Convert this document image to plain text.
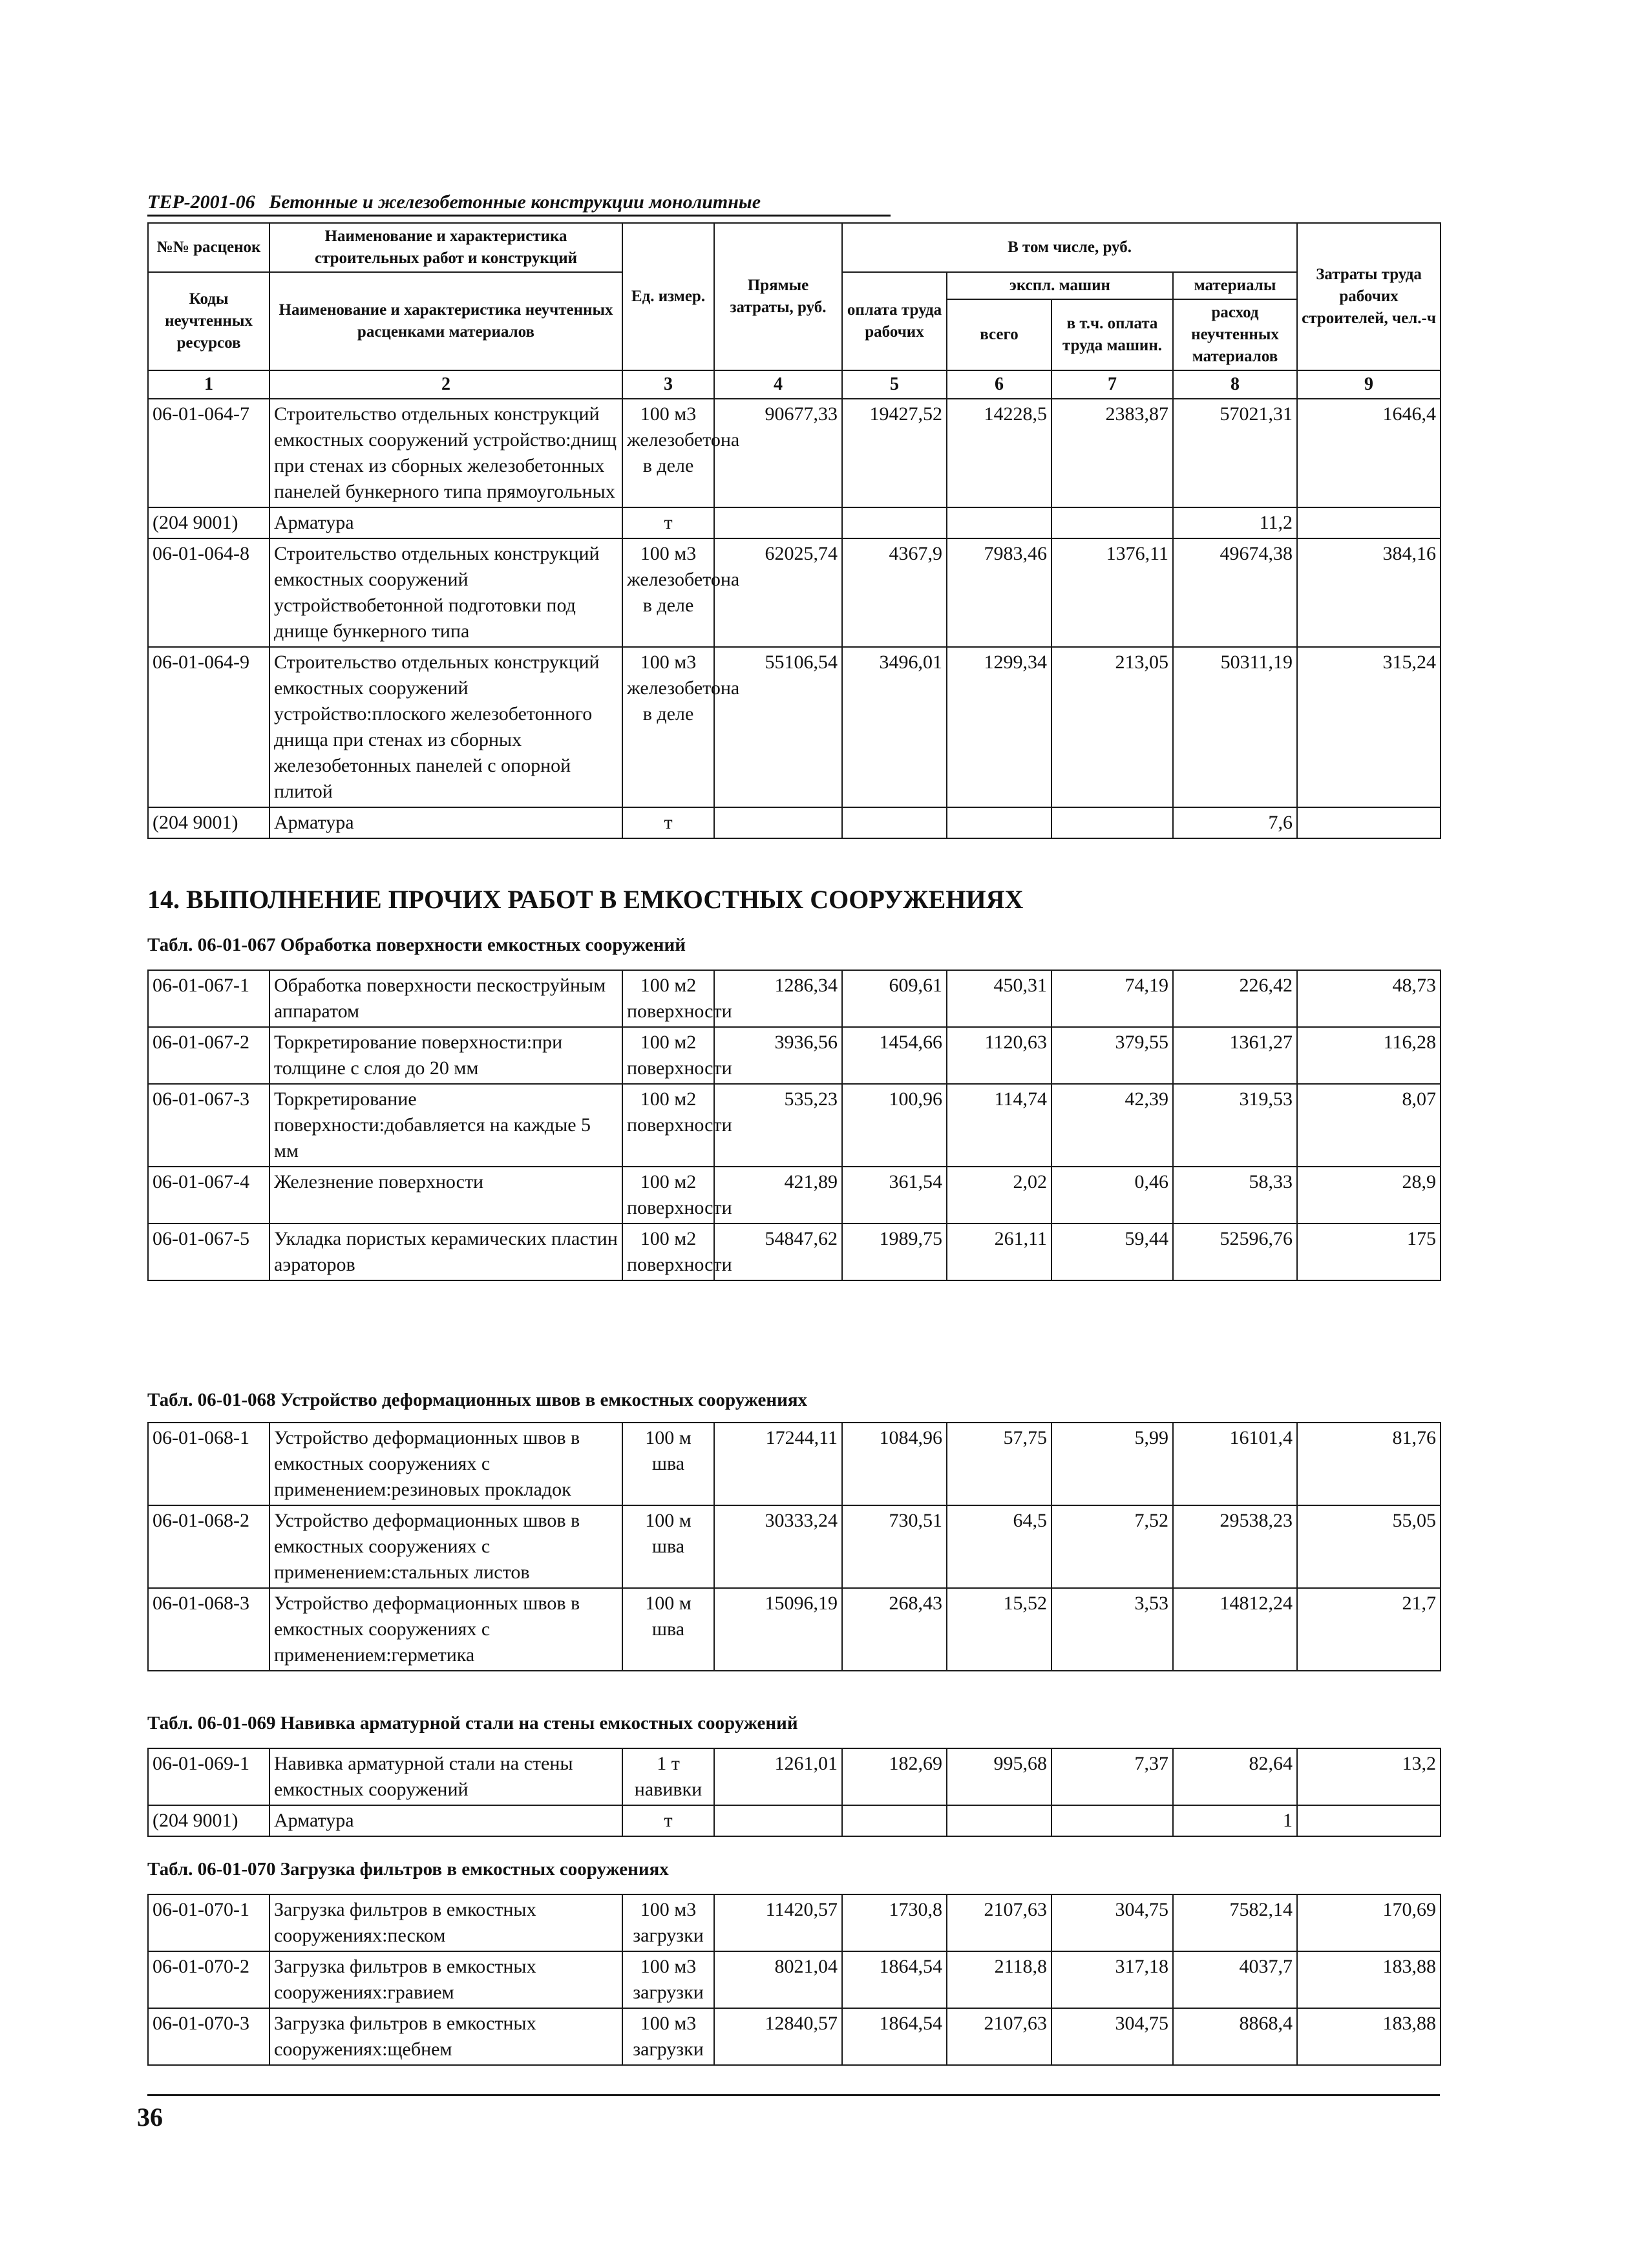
ТЕР-2001-06 Бетонные и железобетонные конструкции монолитные
№№ расценок	Наименование и характеристика строительных работ и конструкций	Ед. измер.	Прямые затраты, руб.	В том числе, руб.				Затраты труда рабочих строителей, чел.-ч
Коды неучтенных ресурсов	Наименование и характеристика неучтенных расценками материалов			оплата труда рабочих	экспл. машин		материалы	
					всего	в т.ч. оплата труда машин.	расход неучтенных материалов	
1	2	3	4	5	6	7	8	9
06-01-064-7	Строительство отдельных конструкций емкостных сооружений устройство:днищ при стенах из сборных железобетонных панелей бункерного типа прямоугольных	100 м3 железобетона в деле	90677,33	19427,52	14228,5	2383,87	57021,31	1646,4
(204 9001)	Арматура	т					11,2	
06-01-064-8	Строительство отдельных конструкций емкостных сооружений устройствобетонной подготовки под днище бункерного типа	100 м3 железобетона в деле	62025,74	4367,9	7983,46	1376,11	49674,38	384,16
06-01-064-9	Строительство отдельных конструкций емкостных сооружений устройство:плоского железобетонного днища при стенах из сборных железобетонных панелей с опорной плитой	100 м3 железобетона в деле	55106,54	3496,01	1299,34	213,05	50311,19	315,24
(204 9001)	Арматура	т					7,6	
14. ВЫПОЛНЕНИЕ ПРОЧИХ РАБОТ В ЕМКОСТНЫХ СООРУЖЕНИЯХ
Табл. 06-01-067 Обработка поверхности емкостных сооружений
06-01-067-1	Обработка поверхности пескоструйным аппаратом	100 м2 поверхности	1286,34	609,61	450,31	74,19	226,42	48,73
06-01-067-2	Торкретирование поверхности:при толщине с слоя до 20 мм	100 м2 поверхности	3936,56	1454,66	1120,63	379,55	1361,27	116,28
06-01-067-3	Торкретирование поверхности:добавляется на каждые 5 мм	100 м2 поверхности	535,23	100,96	114,74	42,39	319,53	8,07
06-01-067-4	Железнение поверхности	100 м2 поверхности	421,89	361,54	2,02	0,46	58,33	28,9
06-01-067-5	Укладка пористых керамических пластин аэраторов	100 м2 поверхности	54847,62	1989,75	261,11	59,44	52596,76	175
Табл. 06-01-068 Устройство деформационных швов в емкостных сооружениях
06-01-068-1	Устройство деформационных швов в емкостных сооружениях с применением:резиновых прокладок	100 м шва	17244,11	1084,96	57,75	5,99	16101,4	81,76
06-01-068-2	Устройство деформационных швов в емкостных сооружениях с применением:стальных листов	100 м шва	30333,24	730,51	64,5	7,52	29538,23	55,05
06-01-068-3	Устройство деформационных швов в емкостных сооружениях с применением:герметика	100 м шва	15096,19	268,43	15,52	3,53	14812,24	21,7
Табл. 06-01-069 Навивка арматурной стали на стены емкостных сооружений
06-01-069-1	Навивка арматурной стали на стены емкостных сооружений	1 т навивки	1261,01	182,69	995,68	7,37	82,64	13,2
(204 9001)	Арматура	т					1	
Табл. 06-01-070 Загрузка фильтров в емкостных сооружениях
06-01-070-1	Загрузка фильтров в емкостных сооружениях:песком	100 м3 загрузки	11420,57	1730,8	2107,63	304,75	7582,14	170,69
06-01-070-2	Загрузка фильтров в емкостных сооружениях:гравием	100 м3 загрузки	8021,04	1864,54	2118,8	317,18	4037,7	183,88
06-01-070-3	Загрузка фильтров в емкостных сооружениях:щебнем	100 м3 загрузки	12840,57	1864,54	2107,63	304,75	8868,4	183,88
36
